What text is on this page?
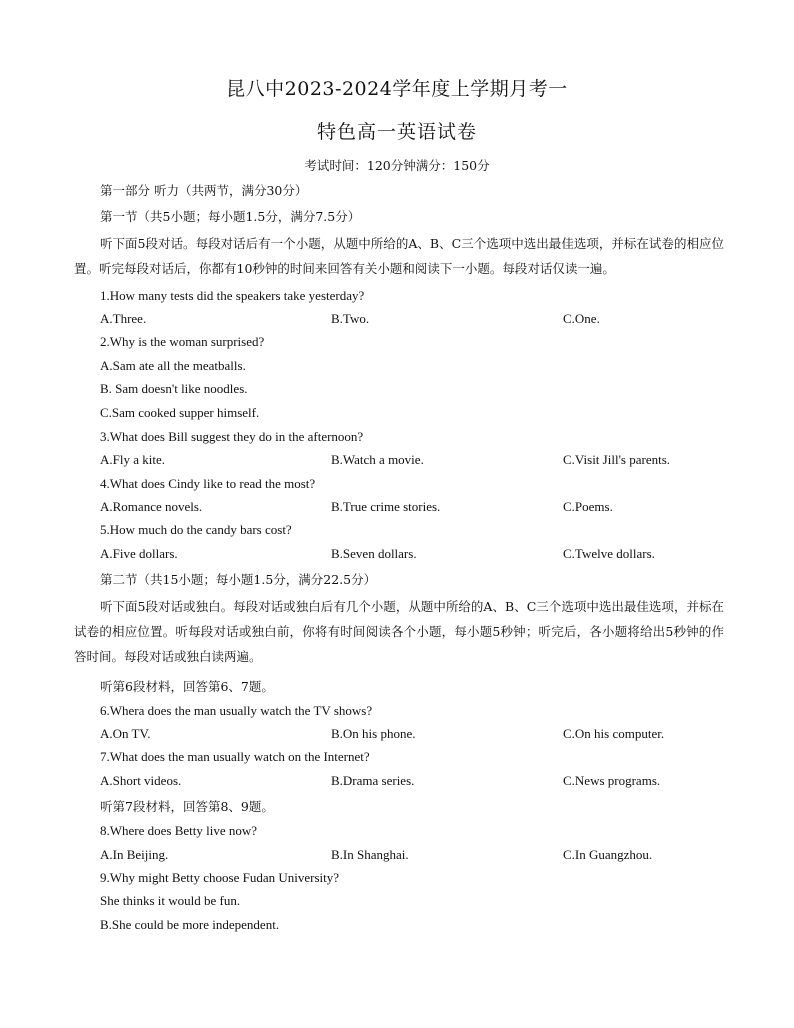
昆八中2023-2024学年度上学期月考一
特色高一英语试卷
考试时间：120分钟满分：150分
第一部分 听力（共两节，满分30分）
第一节（共5小题；每小题1.5分，满分7.5分）
听下面5段对话。每段对话后有一个小题，从题中所给的A、B、C三个选项中选出最佳选项，并标在试卷的相应位置。听完每段对话后，你都有10秒钟的时间来回答有关小题和阅读下一小题。每段对话仅读一遍。
1.How many tests did the speakers take yesterday?
A.Three.	B.Two.	C.One.
2.Why is the woman surprised?
A.Sam ate all the meatballs.
B. Sam doesn't like noodles.
C.Sam cooked supper himself.
3.What does Bill suggest they do in the afternoon?
A.Fly a kite.	B.Watch a movie.	C.Visit Jill's parents.
4.What does Cindy like to read the most?
A.Romance novels.	B.True crime stories.	C.Poems.
5.How much do the candy bars cost?
A.Five dollars.	B.Seven dollars.	C.Twelve dollars.
第二节（共15小题；每小题1.5分，满分22.5分）
听下面5段对话或独白。每段对话或独白后有几个小题，从题中所给的A、B、C三个选项中选出最佳选项，并标在试卷的相应位置。听每段对话或独白前，你将有时间阅读各个小题，每小题5秒钟；听完后，各小题将给出5秒钟的作答时间。每段对话或独白读两遍。
听第6段材料，回答第6、7题。
6.Whera does the man usually watch the TV shows?
A.On TV.	B.On his phone.	C.On his computer.
7.What does the man usually watch on the Internet?
A.Short videos.	B.Drama series.	C.News programs.
听第7段材料，回答第8、9题。
8.Where does Betty live now?
A.In Beijing.	B.In Shanghai.	C.In Guangzhou.
9.Why might Betty choose Fudan University?
She thinks it would be fun.
B.She could be more independent.
